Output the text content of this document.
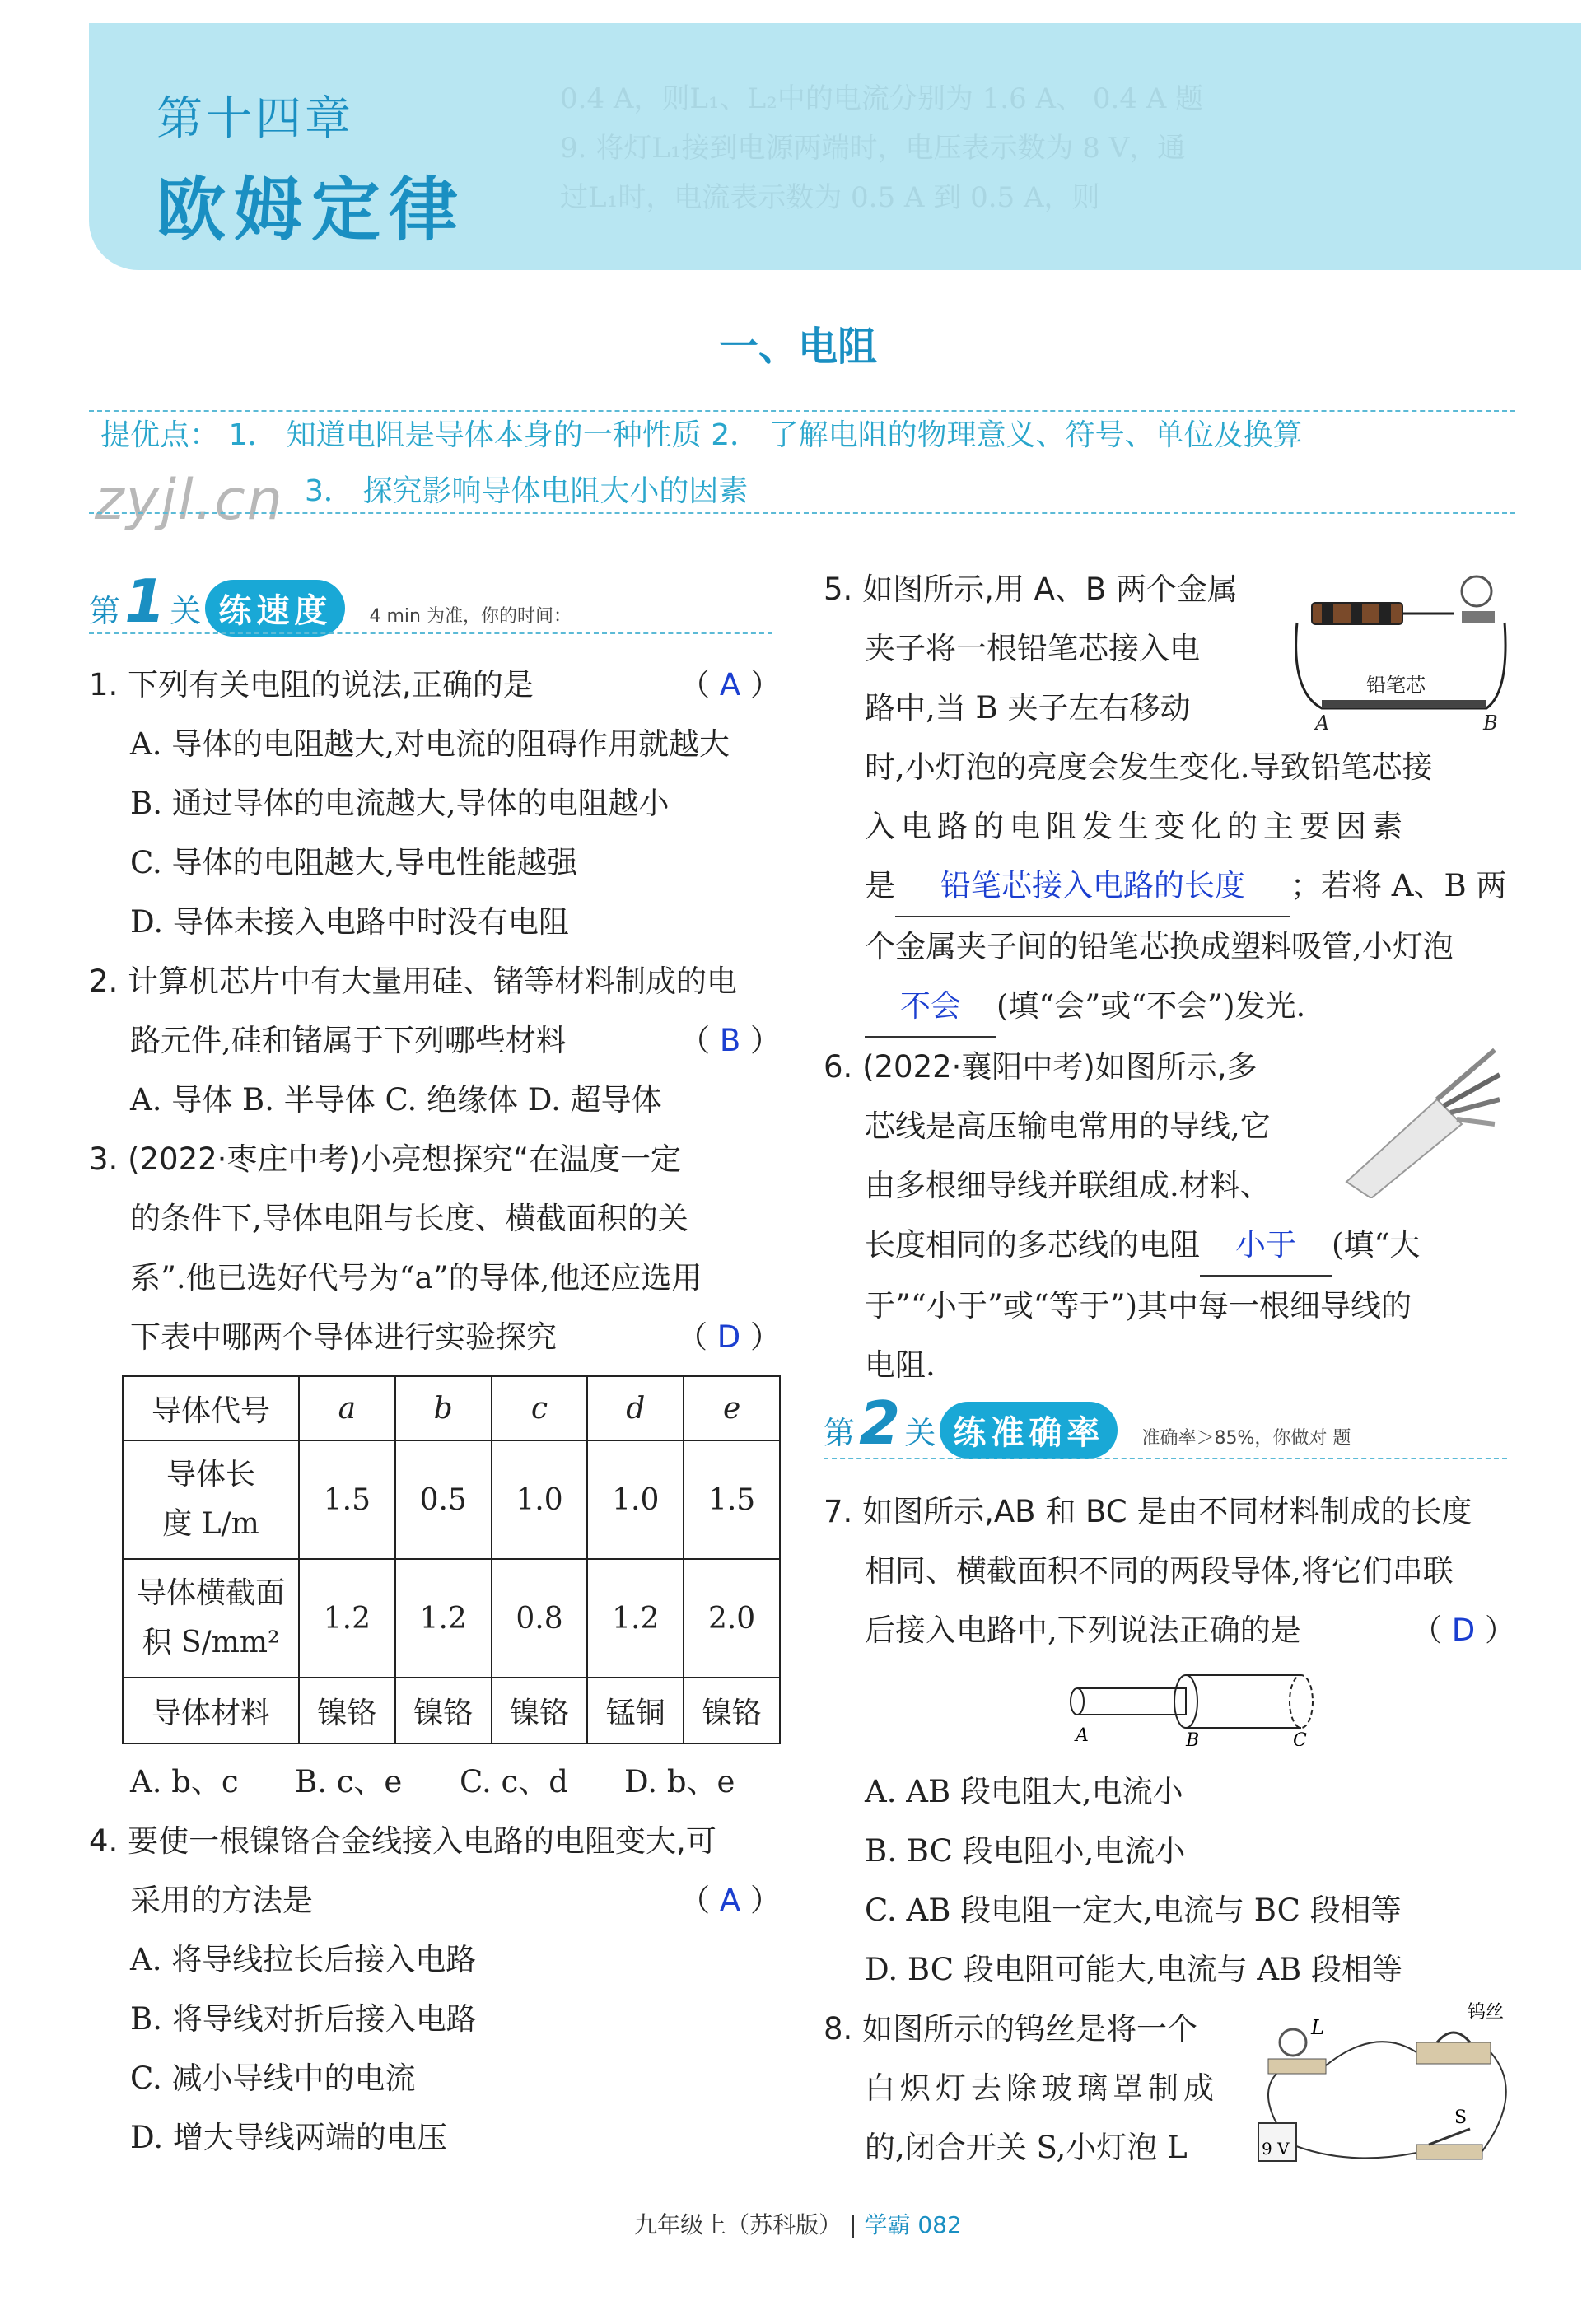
0.4 A，则L₁、L₂中的电流分别为 1.6 A、 0.4 A 题
9. 将灯L₁接到电源两端时，电压表示数为 8 V，通
过L₁时，电流表示数为 0.5 A 到 0.5 A，则
第十四章
欧姆定律
一、电阻
提优点： 1． 知道电阻是导体本身的一种性质 2． 了解电阻的物理意义、符号、单位及换算
3． 探究影响导体电阻大小的因素
zyjl.cn
第 1 关 练速度 4 min 为准，你的时间：
1. 下列有关电阻的说法,正确的是	（ A ）
A. 导体的电阻越大,对电流的阻碍作用就越大
B. 通过导体的电流越大,导体的电阻越小
C. 导体的电阻越大,导电性能越强
D. 导体未接入电路中时没有电阻
2. 计算机芯片中有大量用硅、锗等材料制成的电
路元件,硅和锗属于下列哪些材料	（ B ）
A. 导体 B. 半导体 C. 绝缘体 D. 超导体
3. (2022·枣庄中考)小亮想探究“在温度一定
的条件下,导体电阻与长度、横截面积的关
系”.他已选好代号为“a”的导体,他还应选用
下表中哪两个导体进行实验探究	（ D ）
导体代号	a	b	c	d	e

导体长
度 L/m	1.5	0.5	1.0	1.0	1.5

导体横截面
积 S/mm²	1.2	1.2	0.8	1.2	2.0
导体材料	镍铬	镍铬	镍铬	锰铜	镍铬
A. b、c B. c、e C. c、d D. b、e
4. 要使一根镍铬合金线接入电路的电阻变大,可
采用的方法是	（ A ）
A. 将导线拉长后接入电路
B. 将导线对折后接入电路
C. 减小导线中的电流
D. 增大导线两端的电压
5. 如图所示,用 A、B 两个金属
夹子将一根铅笔芯接入电
路中,当 B 夹子左右移动
时,小灯泡的亮度会发生变化.导致铅笔芯接
入电路的电阻发生变化的主要因素
是 铅笔芯接入电路的长度 ；若将 A、B 两
个金属夹子间的铅笔芯换成塑料吸管,小灯泡
不会 (填“会”或“不会”)发光.
6. (2022·襄阳中考)如图所示,多
芯线是高压输电常用的导线,它
由多根细导线并联组成.材料、
长度相同的多芯线的电阻 小于 (填“大
于”“小于”或“等于”)其中每一根细导线的
电阻.
铅笔芯
A	B
第 2 关 练准确率 准确率＞85%，你做对 题
7. 如图所示,AB 和 BC 是由不同材料制成的长度
相同、横截面积不同的两段导体,将它们串联
后接入电路中,下列说法正确的是	（ D ）
A	B	C
A. AB 段电阻大,电流小
B. BC 段电阻小,电流小
C. AB 段电阻一定大,电流与 BC 段相等
D. BC 段电阻可能大,电流与 AB 段相等
8. 如图所示的钨丝是将一个
白炽灯去除玻璃罩制成
的,闭合开关 S,小灯泡 L
L
钨丝
9 V
S
九年级上（苏科版） | 学霸 082
